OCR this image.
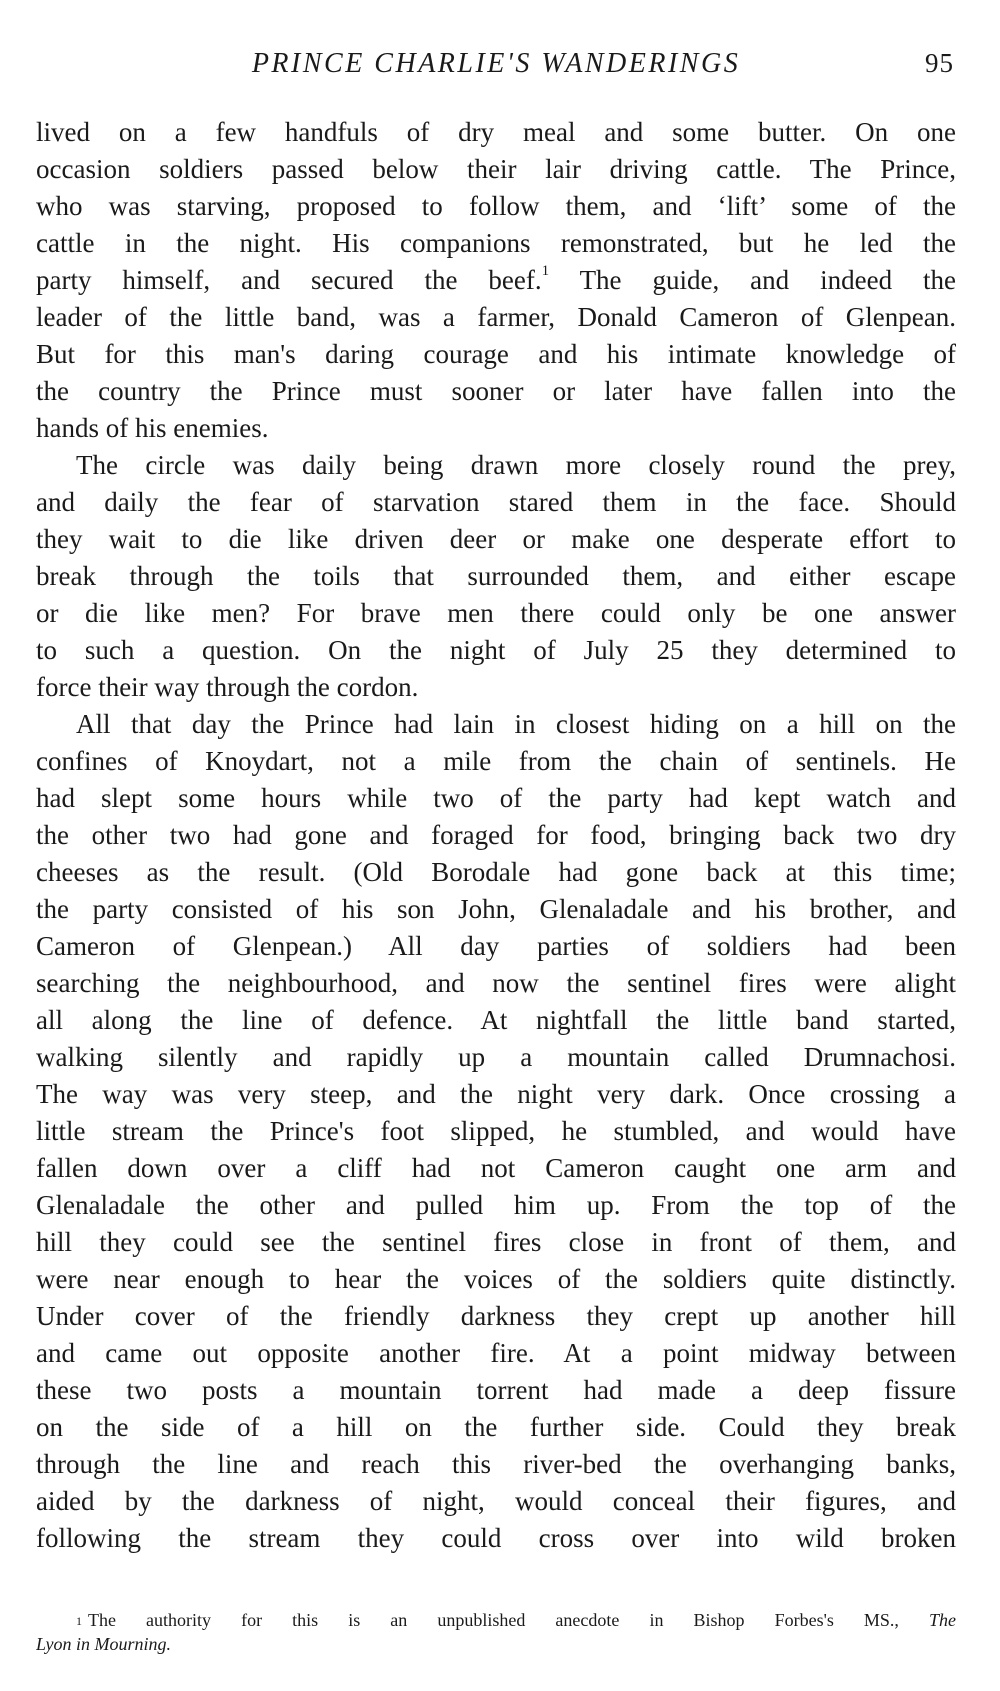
PRINCE CHARLIE'S WANDERINGS	95
lived on a few handfuls of dry meal and some butter. On one
occasion soldiers passed below their lair driving cattle. The Prince,
who was starving, proposed to follow them, and ‘lift’ some of the
cattle in the night. His companions remonstrated, but he led the
party himself, and secured the beef.$^1$ The guide, and indeed the
leader of the little band, was a farmer, Donald Cameron of Glenpean.
But for this man's daring courage and his intimate knowledge of
the country the Prince must sooner or later have fallen into the
hands of his enemies.
The circle was daily being drawn more closely round the prey,
and daily the fear of starvation stared them in the face. Should
they wait to die like driven deer or make one desperate effort to
break through the toils that surrounded them, and either escape
or die like men? For brave men there could only be one answer
to such a question. On the night of July 25 they determined to
force their way through the cordon.
All that day the Prince had lain in closest hiding on a hill on the
confines of Knoydart, not a mile from the chain of sentinels. He
had slept some hours while two of the party had kept watch and
the other two had gone and foraged for food, bringing back two dry
cheeses as the result. (Old Borodale had gone back at this time;
the party consisted of his son John, Glenaladale and his brother, and
Cameron of Glenpean.) All day parties of soldiers had been
searching the neighbourhood, and now the sentinel fires were alight
all along the line of defence. At nightfall the little band started,
walking silently and rapidly up a mountain called Drumnachosi.
The way was very steep, and the night very dark. Once crossing a
little stream the Prince's foot slipped, he stumbled, and would have
fallen down over a cliff had not Cameron caught one arm and
Glenaladale the other and pulled him up. From the top of the
hill they could see the sentinel fires close in front of them, and
were near enough to hear the voices of the soldiers quite distinctly.
Under cover of the friendly darkness they crept up another hill
and came out opposite another fire. At a point midway between
these two posts a mountain torrent had made a deep fissure
on the side of a hill on the further side. Could they break
through the line and reach this river-bed the overhanging banks,
aided by the darkness of night, would conceal their figures, and
following the stream they could cross over into wild broken
$^1$ The authority for this is an unpublished anecdote in Bishop Forbes's MS., The
Lyon in Mourning.
